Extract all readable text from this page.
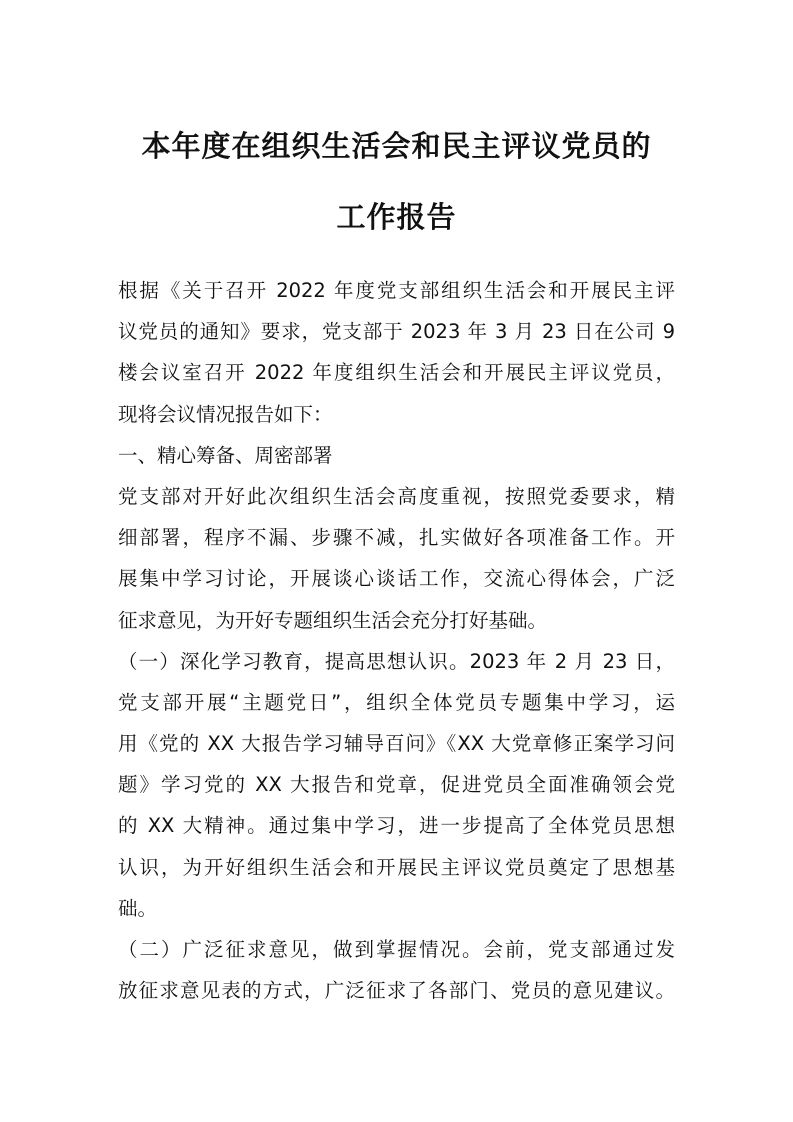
本年度在组织生活会和民主评议党员的
工作报告
根据《关于召开 2022 年度党支部组织生活会和开展民主评
议党员的通知》要求，党支部于 2023 年 3 月 23 日在公司 9
楼会议室召开 2022 年度组织生活会和开展民主评议党员，
现将会议情况报告如下：
一、精心筹备、周密部署
党支部对开好此次组织生活会高度重视，按照党委要求，精
细部署，程序不漏、步骤不减，扎实做好各项准备工作。开
展集中学习讨论，开展谈心谈话工作，交流心得体会，广泛
征求意见，为开好专题组织生活会充分打好基础。
（一）深化学习教育，提高思想认识。2023 年 2 月 23 日，
党支部开展“主题党日”，组织全体党员专题集中学习，运
用《党的 XX 大报告学习辅导百问》《XX 大党章修正案学习问
题》学习党的 XX 大报告和党章，促进党员全面准确领会党
的 XX 大精神。通过集中学习，进一步提高了全体党员思想
认识，为开好组织生活会和开展民主评议党员奠定了思想基
础。
（二）广泛征求意见，做到掌握情况。会前，党支部通过发
放征求意见表的方式，广泛征求了各部门、党员的意见建议。
